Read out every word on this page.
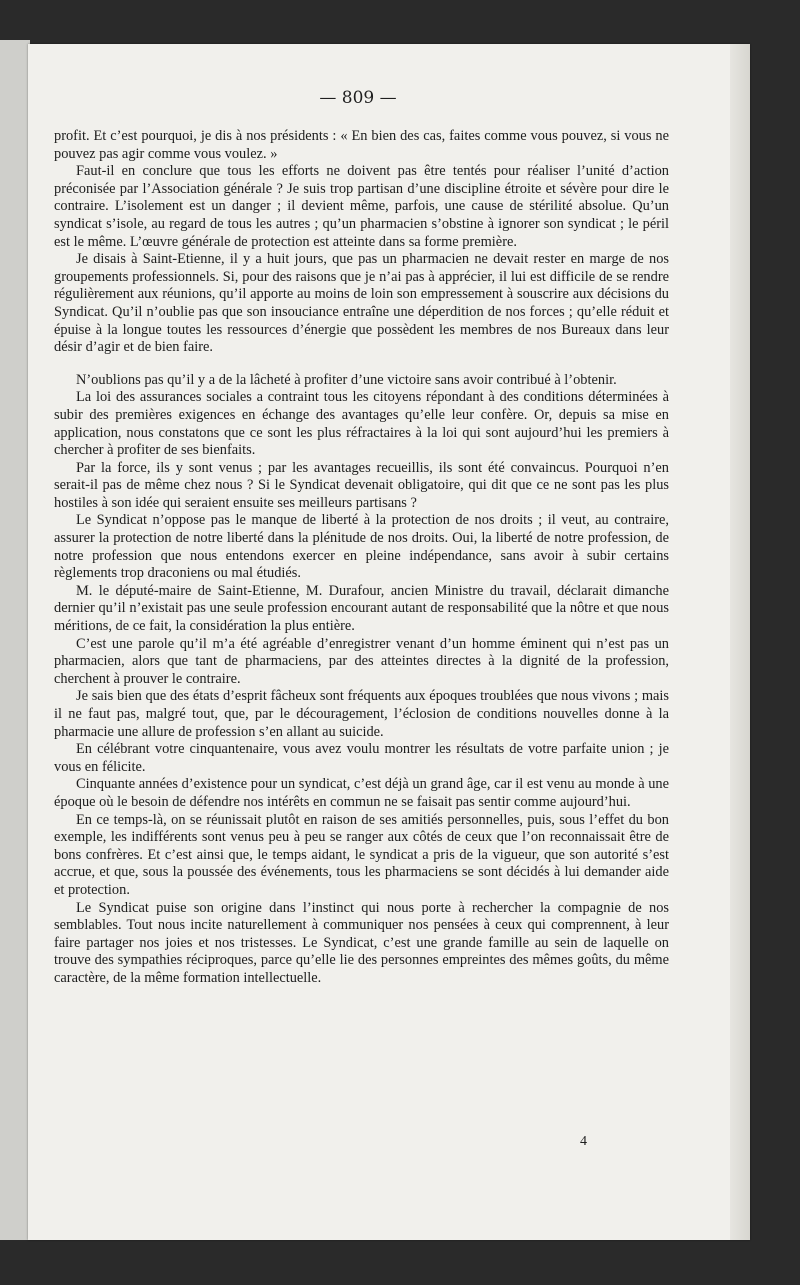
— 809 —

profit. Et c’est pourquoi, je dis à nos présidents : « En bien des cas, faites comme vous pouvez, si vous ne pouvez pas agir comme vous voulez. »

Faut-il en conclure que tous les efforts ne doivent pas être tentés pour réaliser l’unité d’action préconisée par l’Association générale ? Je suis trop partisan d’une discipline étroite et sévère pour dire le contraire. L’isolement est un danger ; il devient même, parfois, une cause de stérilité absolue. Qu’un syndicat s’isole, au regard de tous les autres ; qu’un pharmacien s’obstine à ignorer son syndicat ; le péril est le même. L’œuvre générale de protection est atteinte dans sa forme première.

Je disais à Saint-Etienne, il y a huit jours, que pas un pharmacien ne devait rester en marge de nos groupements professionnels. Si, pour des raisons que je n’ai pas à apprécier, il lui est difficile de se rendre régulièrement aux réunions, qu’il apporte au moins de loin son empressement à souscrire aux décisions du Syndicat. Qu’il n’oublie pas que son insouciance entraîne une déperdition de nos forces ; qu’elle réduit et épuise à la longue toutes les ressources d’énergie que possèdent les membres de nos Bureaux dans leur désir d’agir et de bien faire.

N’oublions pas qu’il y a de la lâcheté à profiter d’une victoire sans avoir contribué à l’obtenir.

La loi des assurances sociales a contraint tous les citoyens répondant à des conditions déterminées à subir des premières exigences en échange des avantages qu’elle leur confère. Or, depuis sa mise en application, nous constatons que ce sont les plus réfractaires à la loi qui sont aujourd’hui les premiers à chercher à profiter de ses bienfaits.

Par la force, ils y sont venus ; par les avantages recueillis, ils sont été convaincus. Pourquoi n’en serait-il pas de même chez nous ? Si le Syndicat devenait obligatoire, qui dit que ce ne sont pas les plus hostiles à son idée qui seraient ensuite ses meilleurs partisans ?

Le Syndicat n’oppose pas le manque de liberté à la protection de nos droits ; il veut, au contraire, assurer la protection de notre liberté dans la plénitude de nos droits. Oui, la liberté de notre profession, de notre profession que nous entendons exercer en pleine indépendance, sans avoir à subir certains règlements trop draconiens ou mal étudiés.

M. le député-maire de Saint-Etienne, M. Durafour, ancien Ministre du travail, déclarait dimanche dernier qu’il n’existait pas une seule profession encourant autant de responsabilité que la nôtre et que nous méritions, de ce fait, la considération la plus entière.

C’est une parole qu’il m’a été agréable d’enregistrer venant d’un homme éminent qui n’est pas un pharmacien, alors que tant de pharmaciens, par des atteintes directes à la dignité de la profession, cherchent à prouver le contraire.

Je sais bien que des états d’esprit fâcheux sont fréquents aux époques troublées que nous vivons ; mais il ne faut pas, malgré tout, que, par le découragement, l’éclosion de conditions nouvelles donne à la pharmacie une allure de profession s’en allant au suicide.

En célébrant votre cinquantenaire, vous avez voulu montrer les résultats de votre parfaite union ; je vous en félicite.

Cinquante années d’existence pour un syndicat, c’est déjà un grand âge, car il est venu au monde à une époque où le besoin de défendre nos intérêts en commun ne se faisait pas sentir comme aujourd’hui.

En ce temps-là, on se réunissait plutôt en raison de ses amitiés personnelles, puis, sous l’effet du bon exemple, les indifférents sont venus peu à peu se ranger aux côtés de ceux que l’on reconnaissait être de bons confrères. Et c’est ainsi que, le temps aidant, le syndicat a pris de la vigueur, que son autorité s’est accrue, et que, sous la poussée des événements, tous les pharmaciens se sont décidés à lui demander aide et protection.

Le Syndicat puise son origine dans l’instinct qui nous porte à rechercher la compagnie de nos semblables. Tout nous incite naturellement à communiquer nos pensées à ceux qui comprennent, à leur faire partager nos joies et nos tristesses. Le Syndicat, c’est une grande famille au sein de laquelle on trouve des sympathies réciproques, parce qu’elle lie des personnes empreintes des mêmes goûts, du même caractère, de la même formation intellectuelle.

4
